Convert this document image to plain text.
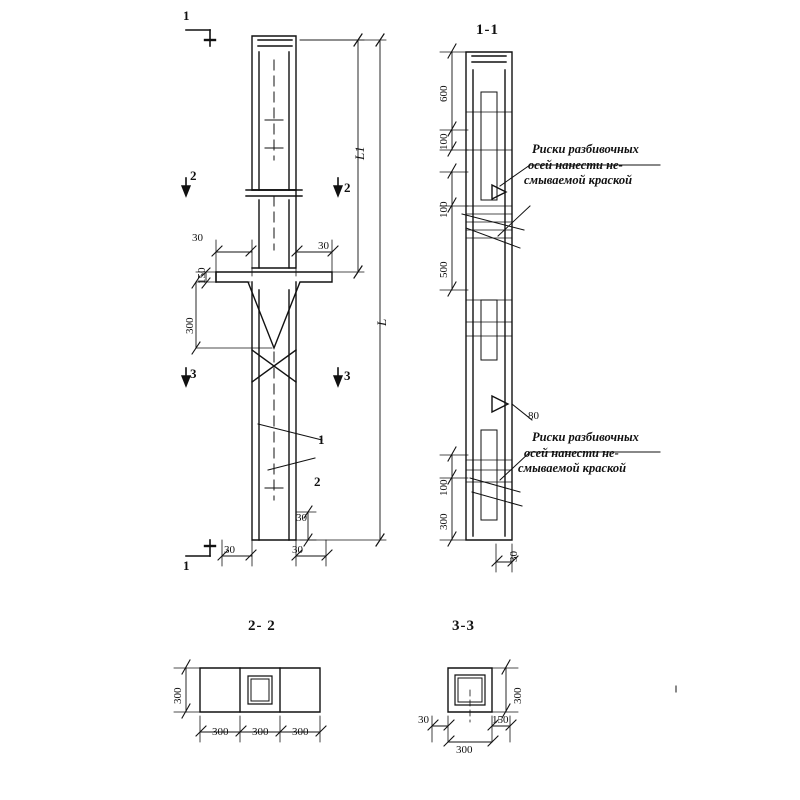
1-1
2- 2	3-3
1
1
2
2
3	3
1
2
30
30
30	30
30
150
300
L1
L
600
100
100
500
100
300
80
30
Риски разбивочных
осей нанести не-
смываемой краской
Риски разбивочных
осей нанести не-
смываемой краской
300 300 300
300
30	150
300
300
